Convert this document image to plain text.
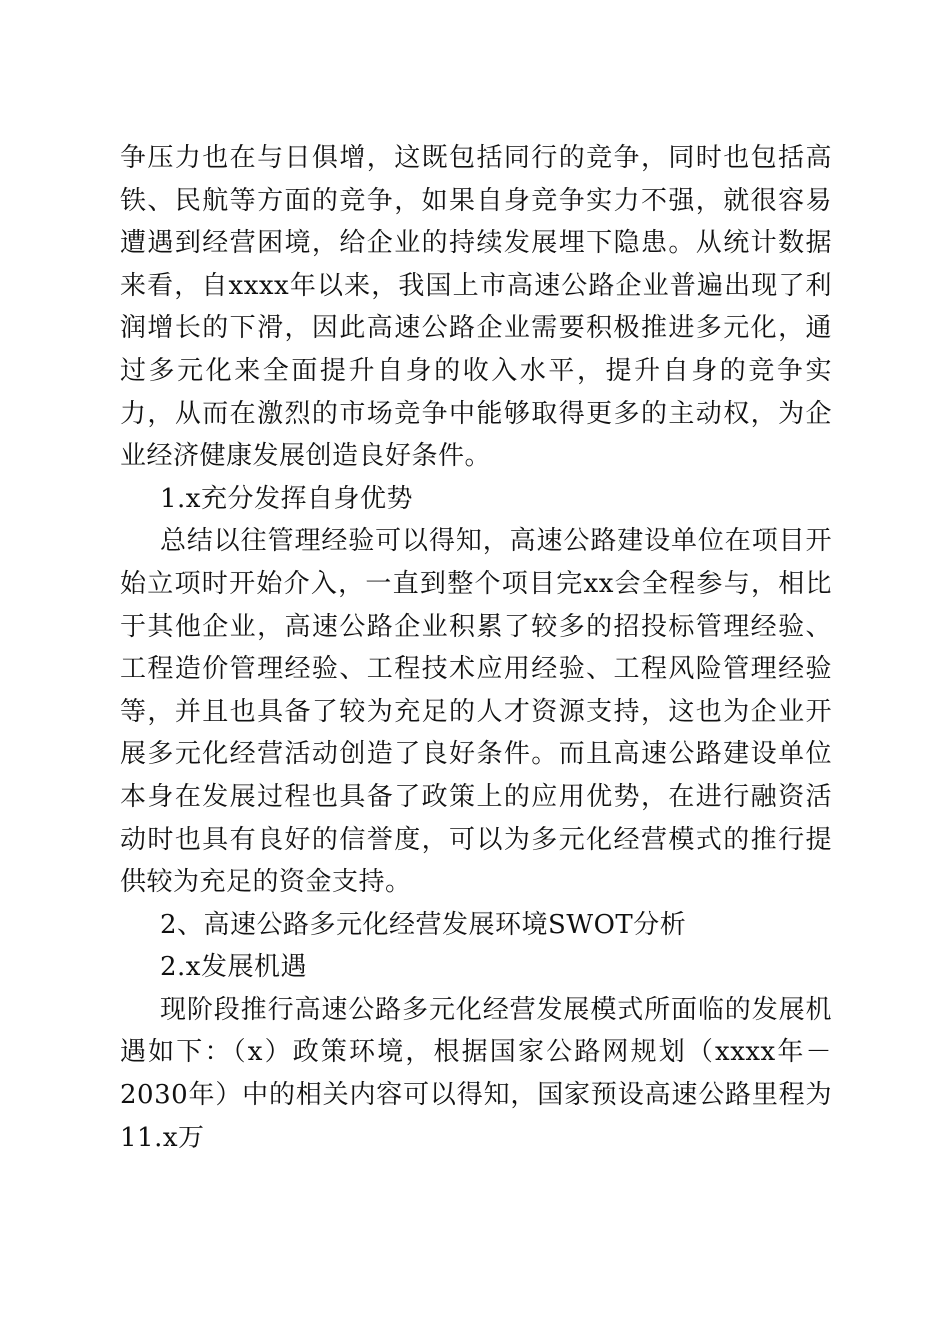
争压力也在与日俱增，这既包括同行的竞争，同时也包括高铁、民航等方面的竞争，如果自身竞争实力不强，就很容易遭遇到经营困境，给企业的持续发展埋下隐患。从统计数据来看，自xxxx年以来，我国上市高速公路企业普遍出现了利润增长的下滑，因此高速公路企业需要积极推进多元化，通过多元化来全面提升自身的收入水平，提升自身的竞争实力，从而在激烈的市场竞争中能够取得更多的主动权，为企业经济健康发展创造良好条件。

1.x充分发挥自身优势

总结以往管理经验可以得知，高速公路建设单位在项目开始立项时开始介入，一直到整个项目完xx会全程参与，相比于其他企业，高速公路企业积累了较多的招投标管理经验、工程造价管理经验、工程技术应用经验、工程风险管理经验等，并且也具备了较为充足的人才资源支持，这也为企业开展多元化经营活动创造了良好条件。而且高速公路建设单位本身在发展过程也具备了政策上的应用优势，在进行融资活动时也具有良好的信誉度，可以为多元化经营模式的推行提供较为充足的资金支持。

2、高速公路多元化经营发展环境SWOT分析

2.x发展机遇

现阶段推行高速公路多元化经营发展模式所面临的发展机遇如下：（x）政策环境，根据国家公路网规划（xxxx年－2030年）中的相关内容可以得知，国家预设高速公路里程为11.x万
